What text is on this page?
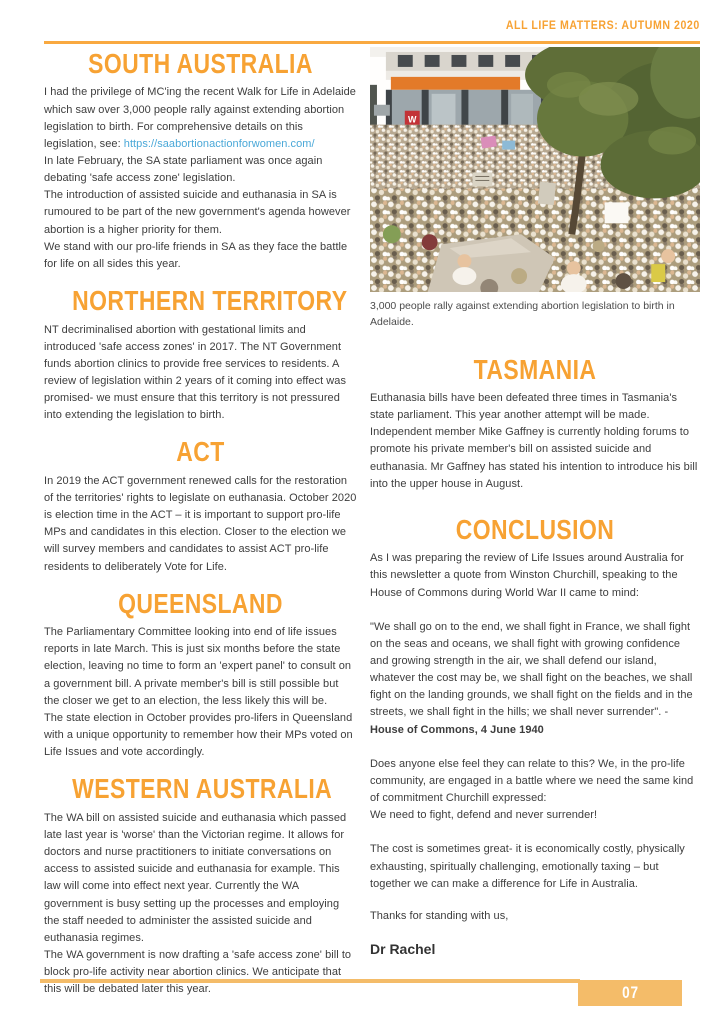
ALL LIFE MATTERS: AUTUMN 2020
SOUTH AUSTRALIA

I had the privilege of MC'ing the recent Walk for Life in Adelaide which saw over 3,000 people rally against extending abortion legislation to birth. For comprehensive details on this legislation, see: https://saabortionactionforwomen.com/

In late February, the SA state parliament was once again debating 'safe access zone' legislation.

The introduction of assisted suicide and euthanasia in SA is rumoured to be part of the new government's agenda however abortion is a higher priority for them.

We stand with our pro-life friends in SA as they face the battle for life on all sides this year.

NORTHERN TERRITORY

NT decriminalised abortion with gestational limits and introduced 'safe access zones' in 2017. The NT Government funds abortion clinics to provide free services to residents. A review of legislation within 2 years of it coming into effect was promised- we must ensure that this territory is not pressured into extending the legislation to birth.

ACT

In 2019 the ACT government renewed calls for the restoration of the territories' rights to legislate on euthanasia. October 2020 is election time in the ACT – it is important to support pro-life MPs and candidates in this election. Closer to the election we will survey members and candidates to assist ACT pro-life residents to deliberately Vote for Life.

QUEENSLAND

The Parliamentary Committee looking into end of life issues reports in late March. This is just six months before the state election, leaving no time to form an 'expert panel' to consult on a government bill. A private member's bill is still possible but the closer we get to an election, the less likely this will be.

The state election in October provides pro-lifers in Queensland with a unique opportunity to remember how their MPs voted on Life Issues and vote accordingly.

WESTERN AUSTRALIA

The WA bill on assisted suicide and euthanasia which passed late last year is 'worse' than the Victorian regime. It allows for doctors and nurse practitioners to initiate conversations on access to assisted suicide and euthanasia for example. This law will come into effect next year. Currently the WA government is busy setting up the processes and employing the staff needed to administer the assisted suicide and euthanasia regimes.

The WA government is now drafting a 'safe access zone' bill to block pro-life activity near abortion clinics. We anticipate that this will be debated later this year.

W

3,000 people rally against extending abortion legislation to birth in Adelaide.

TASMANIA

Euthanasia bills have been defeated three times in Tasmania's state parliament. This year another attempt will be made. Independent member Mike Gaffney is currently holding forums to promote his private member's bill on assisted suicide and euthanasia. Mr Gaffney has stated his intention to introduce his bill into the upper house in August.

CONCLUSION

As I was preparing the review of Life Issues around Australia for this newsletter a quote from Winston Churchill, speaking to the House of Commons during World War II came to mind:

"We shall go on to the end, we shall fight in France, we shall fight on the seas and oceans, we shall fight with growing confidence and growing strength in the air, we shall defend our island, whatever the cost may be, we shall fight on the beaches, we shall fight on the landing grounds, we shall fight on the fields and in the streets, we shall fight in the hills; we shall never surrender". - House of Commons, 4 June 1940

Does anyone else feel they can relate to this? We, in the pro-life community, are engaged in a battle where we need the same kind of commitment Churchill expressed:

We need to fight, defend and never surrender!

The cost is sometimes great- it is economically costly, physically exhausting, spiritually challenging, emotionally taxing – but together we can make a difference for Life in Australia.

Thanks for standing with us,

Dr Rachel

07
